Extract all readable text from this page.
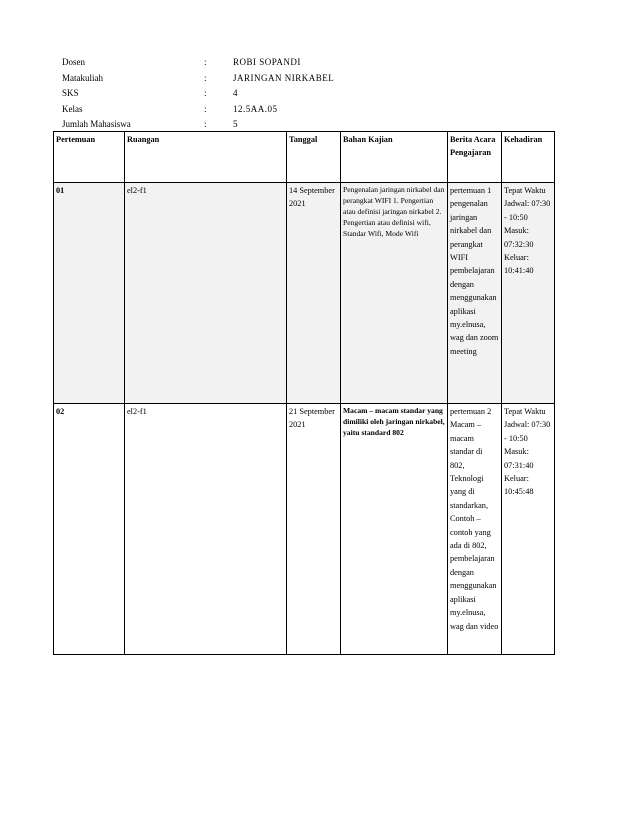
Dosen	:	ROBI SOPANDI
Matakuliah	:	JARINGAN NIRKABEL
SKS	:	4
Kelas	:	12.5AA.05
Jumlah Mahasiswa	:	5
Pertemuan	Ruangan	Tanggal	Bahan Kajian	Berita Acara Pengajaran	Kehadiran
01	el2-f1	14 September 2021	Pengenalan jaringan nirkabel dan perangkat WIFI 1. Pengertian atau definisi jaringan nirkabel 2. Pengertian atau definisi wifi, Standar Wifi, Mode Wifi	pertemuan 1 pengenalan jaringan nirkabel dan perangkat WIFI pembelajaran dengan menggunakan aplikasi my.elnusa, wag dan zoom meeting	Tepat Waktu Jadwal: 07:30 - 10:50 Masuk: 07:32:30 Keluar: 10:41:40
02	el2-f1	21 September 2021	Macam – macam standar yang dimiliki oleh jaringan nirkabel, yaitu standard 802	pertemuan 2 Macam – macam standar di 802, Teknologi yang di standarkan, Contoh – contoh yang ada di 802, pembelajaran dengan menggunakan aplikasi my.elnusa, wag dan video	Tepat Waktu Jadwal: 07:30 - 10:50 Masuk: 07:31:40 Keluar: 10:45:48
